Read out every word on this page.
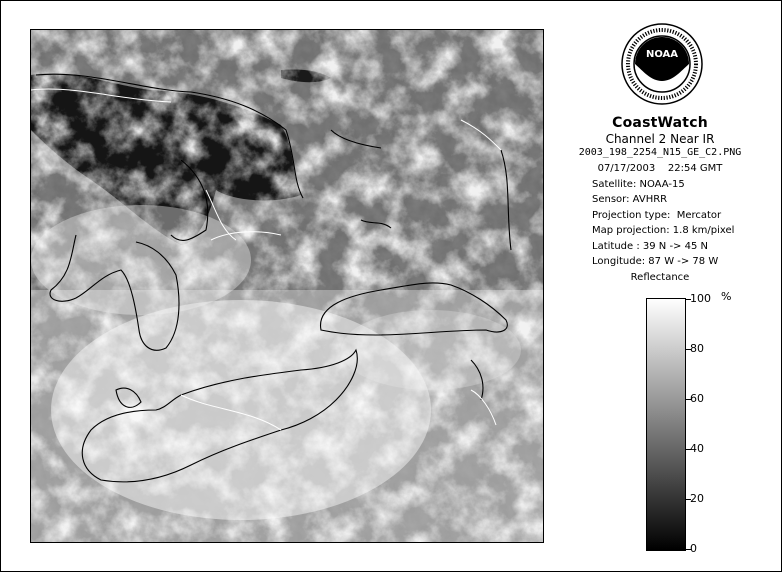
NOAA
CoastWatch
Channel 2 Near IR
2003_198_2254_N15_GE_C2.PNG
07/17/2003    22:54 GMT
Satellite: NOAA-15
Sensor: AVHRR
Projection type:  Mercator
Map projection: 1.8 km/pixel
Latitude : 39 N -> 45 N
Longitude: 87 W -> 78 W
Reflectance
100
80
60
40
20
0
%
